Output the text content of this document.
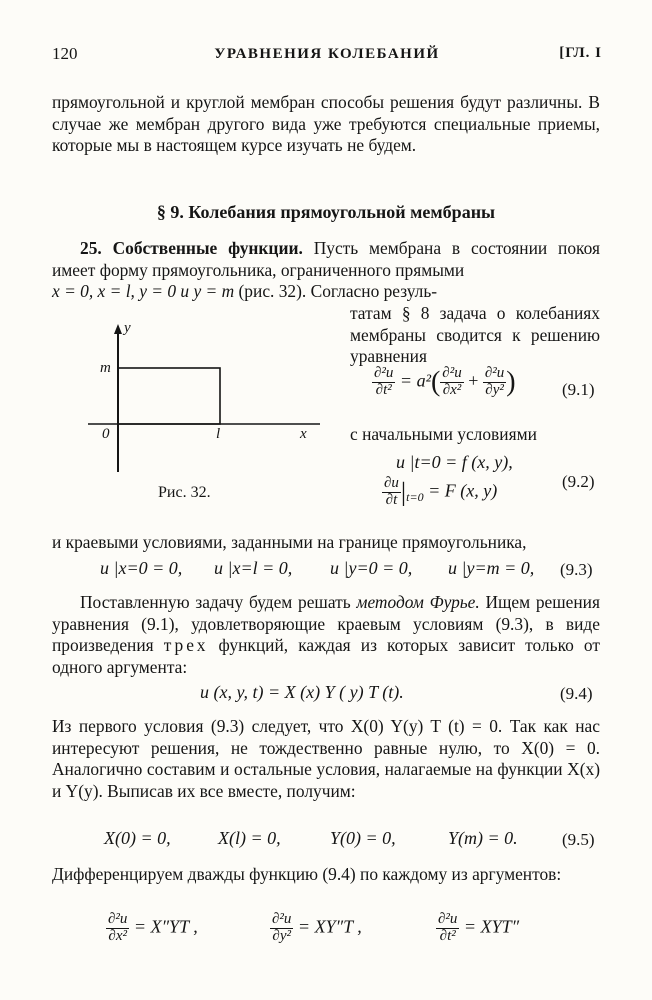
120	УРАВНЕНИЯ КОЛЕБАНИЙ	[ГЛ. I
прямоугольной и круглой мембран способы решения будут различны. В случае же мембран другого вида уже требуются специальные приемы, которые мы в настоящем курсе изучать не будем.
§ 9. Колебания прямоугольной мембраны
25. Собственные функции. Пусть мембрана в состоянии покоя имеет форму прямоугольника, ограниченного прямыми
x = 0, x = l, y = 0 и y = m (рис. 32). Согласно резуль-
татам § 8 задача о колебаниях мембраны сводится к решению уравнения
y
m
0	l	x
Рис. 32.
$\frac{\text{∂²u}}{\text{∂t²}} = a^2( \frac{\text{∂²u}}{\text{∂x²}} + \frac{\text{∂²u}}{\text{∂y²}}$ )	(9.1)
с начальными условиями
u |t=0 = f (x, y),
$\frac{\partial u}{\partial t} |_{t=0} = F$ (x, y)	(9.2)
и краевыми условиями, заданными на границе прямоугольника,
u |x=0 = 0, u |x=l = 0, u |y=0 = 0, u |y=m = 0, (9.3)
Поставленную задачу будем решать методом Фурье. Ищем решения уравнения (9.1), удовлетворяющие краевым условиям (9.3), в виде произведения трех функций, каждая из которых зависит только от одного аргумента:
u (x, y, t) = X (x) Y ( y) T (t).	(9.4)
Из первого условия (9.3) следует, что X(0) Y(y) T (t) = 0. Так как нас интересуют решения, не тождественно равные нулю, то X(0) = 0. Аналогично составим и остальные условия, налагаемые на функции X(x) и Y(y). Выписав их все вместе, получим:
X(0) = 0,	X(l) = 0,	Y(0) = 0,	Y(m) = 0.	(9.5)
Дифференцируем дважды функцию (9.4) по каждому из аргументов:
$\frac{\text{∂²u}}{\text{∂x²}} = X''YT$ ,	$\frac{\text{∂²u}}{\text{∂y²}} = XY''T$ ,	$\frac{\text{∂²u}}{\text{∂t²}} = XYT''$
